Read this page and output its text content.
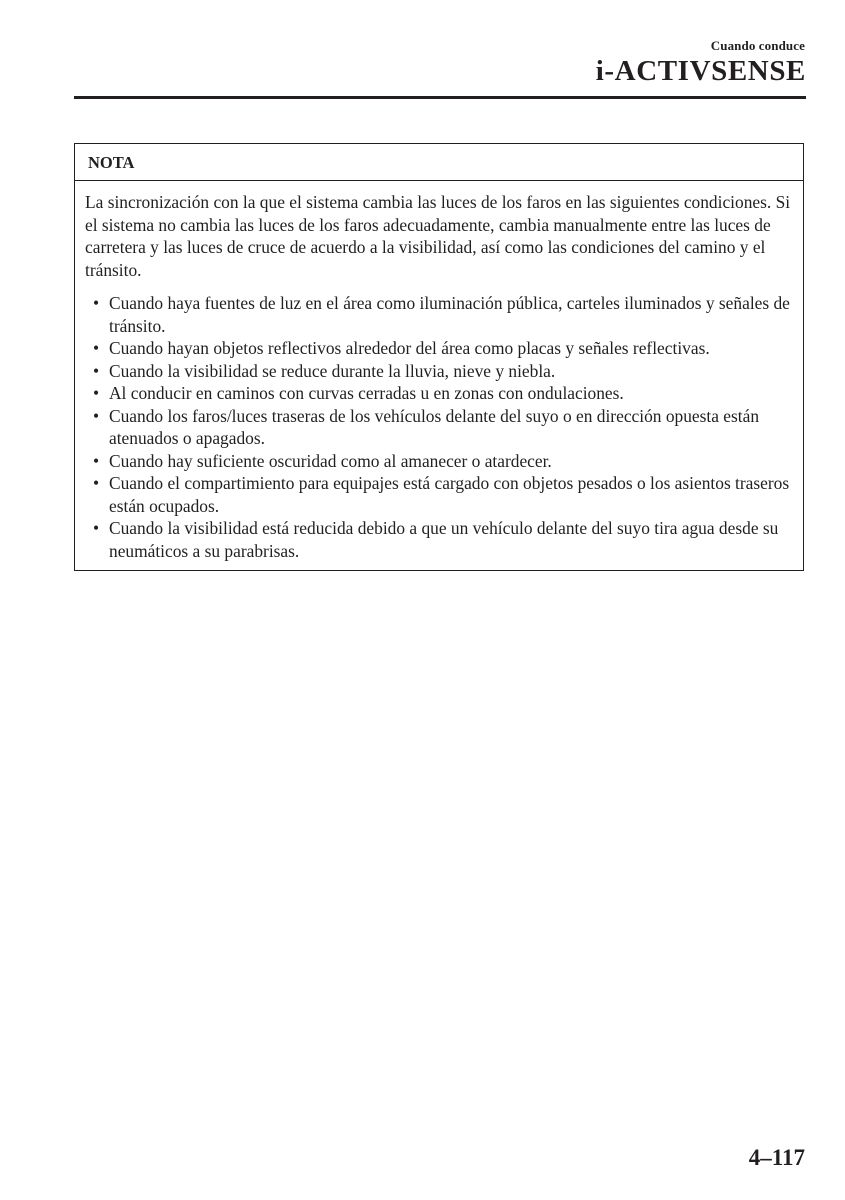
Cuando conduce
i-ACTIVSENSE
NOTA

La sincronización con la que el sistema cambia las luces de los faros en las siguientes condiciones. Si el sistema no cambia las luces de los faros adecuadamente, cambia manualmente entre las luces de carretera y las luces de cruce de acuerdo a la visibilidad, así como las condiciones del camino y el tránsito.

• Cuando haya fuentes de luz en el área como iluminación pública, carteles iluminados y señales de tránsito.
• Cuando hayan objetos reflectivos alrededor del área como placas y señales reflectivas.
• Cuando la visibilidad se reduce durante la lluvia, nieve y niebla.
• Al conducir en caminos con curvas cerradas u en zonas con ondulaciones.
• Cuando los faros/luces traseras de los vehículos delante del suyo o en dirección opuesta están atenuados o apagados.
• Cuando hay suficiente oscuridad como al amanecer o atardecer.
• Cuando el compartimiento para equipajes está cargado con objetos pesados o los asientos traseros están ocupados.
• Cuando la visibilidad está reducida debido a que un vehículo delante del suyo tira agua desde su neumáticos a su parabrisas.
4–117
